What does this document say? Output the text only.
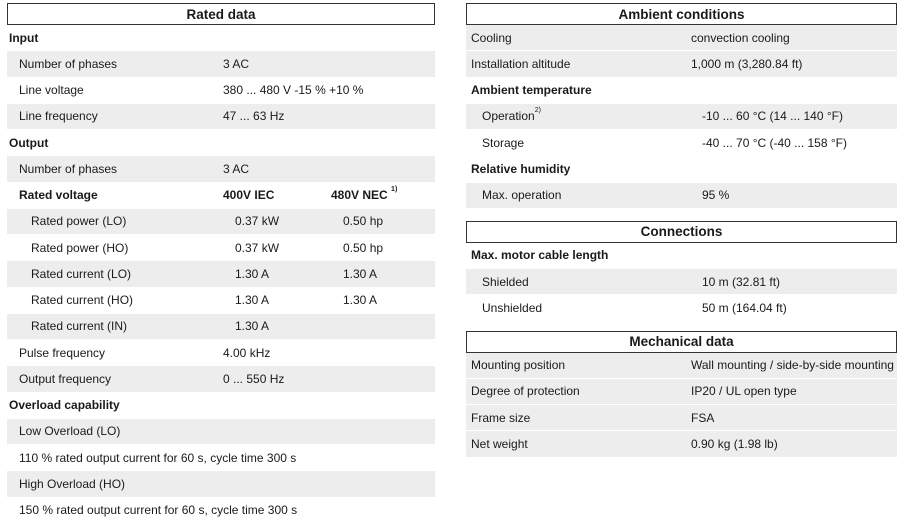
Rated data
Input
Number of phases	3 AC
Line voltage	380 ... 480 V -15 % +10 %
Line frequency	47 ... 63 Hz
Output
Number of phases	3 AC
Rated voltage	400V IEC	480V NEC $^{1)}$
Rated power (LO)	0.37 kW	0.50 hp
Rated power (HO)	0.37 kW	0.50 hp
Rated current (LO)	1.30 A	1.30 A
Rated current (HO)	1.30 A	1.30 A
Rated current (IN)	1.30 A
Pulse frequency	4.00 kHz
Output frequency	0 ... 550 Hz
Overload capability
Low Overload (LO)
110 % rated output current for 60 s, cycle time 300 s
High Overload (HO)
150 % rated output current for 60 s, cycle time 300 s
Ambient conditions
Cooling	convection cooling
Installation altitude	1,000 m (3,280.84 ft)
Ambient temperature
Operation$^{2)}$	-10 ... 60 °C (14 ... 140 °F)
Storage	-40 ... 70 °C (-40 ... 158 °F)
Relative humidity
Max. operation	95 %
Connections
Max. motor cable length
Shielded	10 m (32.81 ft)
Unshielded	50 m (164.04 ft)
Mechanical data
Mounting position	Wall mounting / side-by-side mounting
Degree of protection	IP20 / UL open type
Frame size	FSA
Net weight	0.90 kg (1.98 lb)
